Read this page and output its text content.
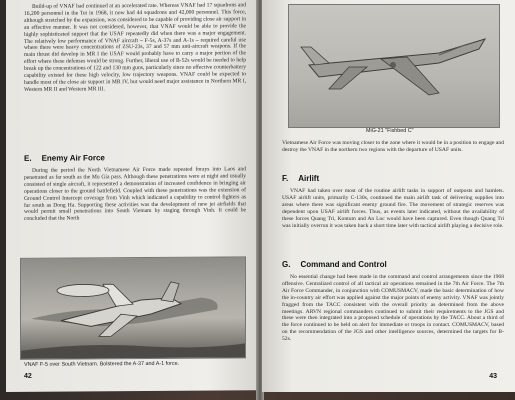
Build-up of VNAF had continued at an accelerated rate. Whereas VNAF had 17 squadrons and 16,200 personnel in the Tet in 1968, it now had 44 squadrons and 42,000 personnel. This force, although stretched by the expansion, was considered to be capable of providing close air support in an effective manner. It was not considered, however, that VNAF would be able to provide the highly sophisticated support that the USAF repeatedly did when there was a major engagement. The relatively low performance of VNAF aircraft – F-5s, A-37s and A-1s – required careful use where there were heavy concentrations of ZSU-23s, 37 and 57 mm anti-aircraft weapons. If the main thrust did develop in MR I the USAF would probably have to carry a major portion of the effort where these defenses would be strong. Further, liberal use of B-52s would be needed to help break up the concentrations of 122 and 130 mm guns, particularly since no effective counterbattery capability existed for these high velocity, low trajectory weapons. VNAF could be expected to handle most of the close air support in MR IV, but would need major assistance in Northern MR I, Western MR II and Western MR III.

E. Enemy Air Force

During the period the North Vietnamese Air Force made repeated forays into Laos and penetrated as far south as the Mu Gia pass. Although these penetrations were at night and usually consisted of single aircraft, it represented a demonstration of increased confidence in bringing air operations closer to the ground battlefield. Coupled with these penetrations was the extension of Ground Control Intercept coverage from Vinh which indicated a capability to control fighters as far south as Dong Ha. Supporting these activities was the development of new jet airfields that would permit small penetrations into South Vietnam by staging through Vinh. It could be concluded that the North

VNAF F-5 over South Vietnam. Bolstered the A-37 and A-1 force.
42
MiG-21 "Fishbed C"

Vietnamese Air Force was moving closer to the zone where it would be in a position to engage and destroy the VNAF in the northern two regions with the departure of USAF units.

F. Airlift

VNAF had taken over most of the routine airlift tasks in support of outposts and hamlets. USAF airlift units, primarily C-130s, continued the main airlift task of delivering supplies into areas where there was significant enemy ground fire. The movement of strategic reserves was dependent upon USAF airlift forces. Thus, as events later indicated, without the availability of these forces Quang Tri, Kontum and An Loc would have been captured. Even though Quang Tri was initially overrun it was taken back a short time later with tactical airlift playing a decisive role.

G. Command and Control

No essential change had been made in the command and control arrangements since the 1968 offensive. Centralized control of all tactical air operations remained in the 7th Air Force. The 7th Air Force Commander, in conjunction with COMUSMACV, made the basic determination of how the in-country air effort was applied against the major points of enemy activity. VNAF was jointly fragged from the TACC consistent with the overall priority as determined from the above meetings. ARVN regional commanders continued to submit their requirements to the JGS and these were then integrated into a proposed schedule of operations by the TACC. About a third of the force continued to be held on alert for immediate or troops in contact. COMUSMACV, based on the recommendation of the JGS and other intelligence sources, determined the targets for B-52s.

43
